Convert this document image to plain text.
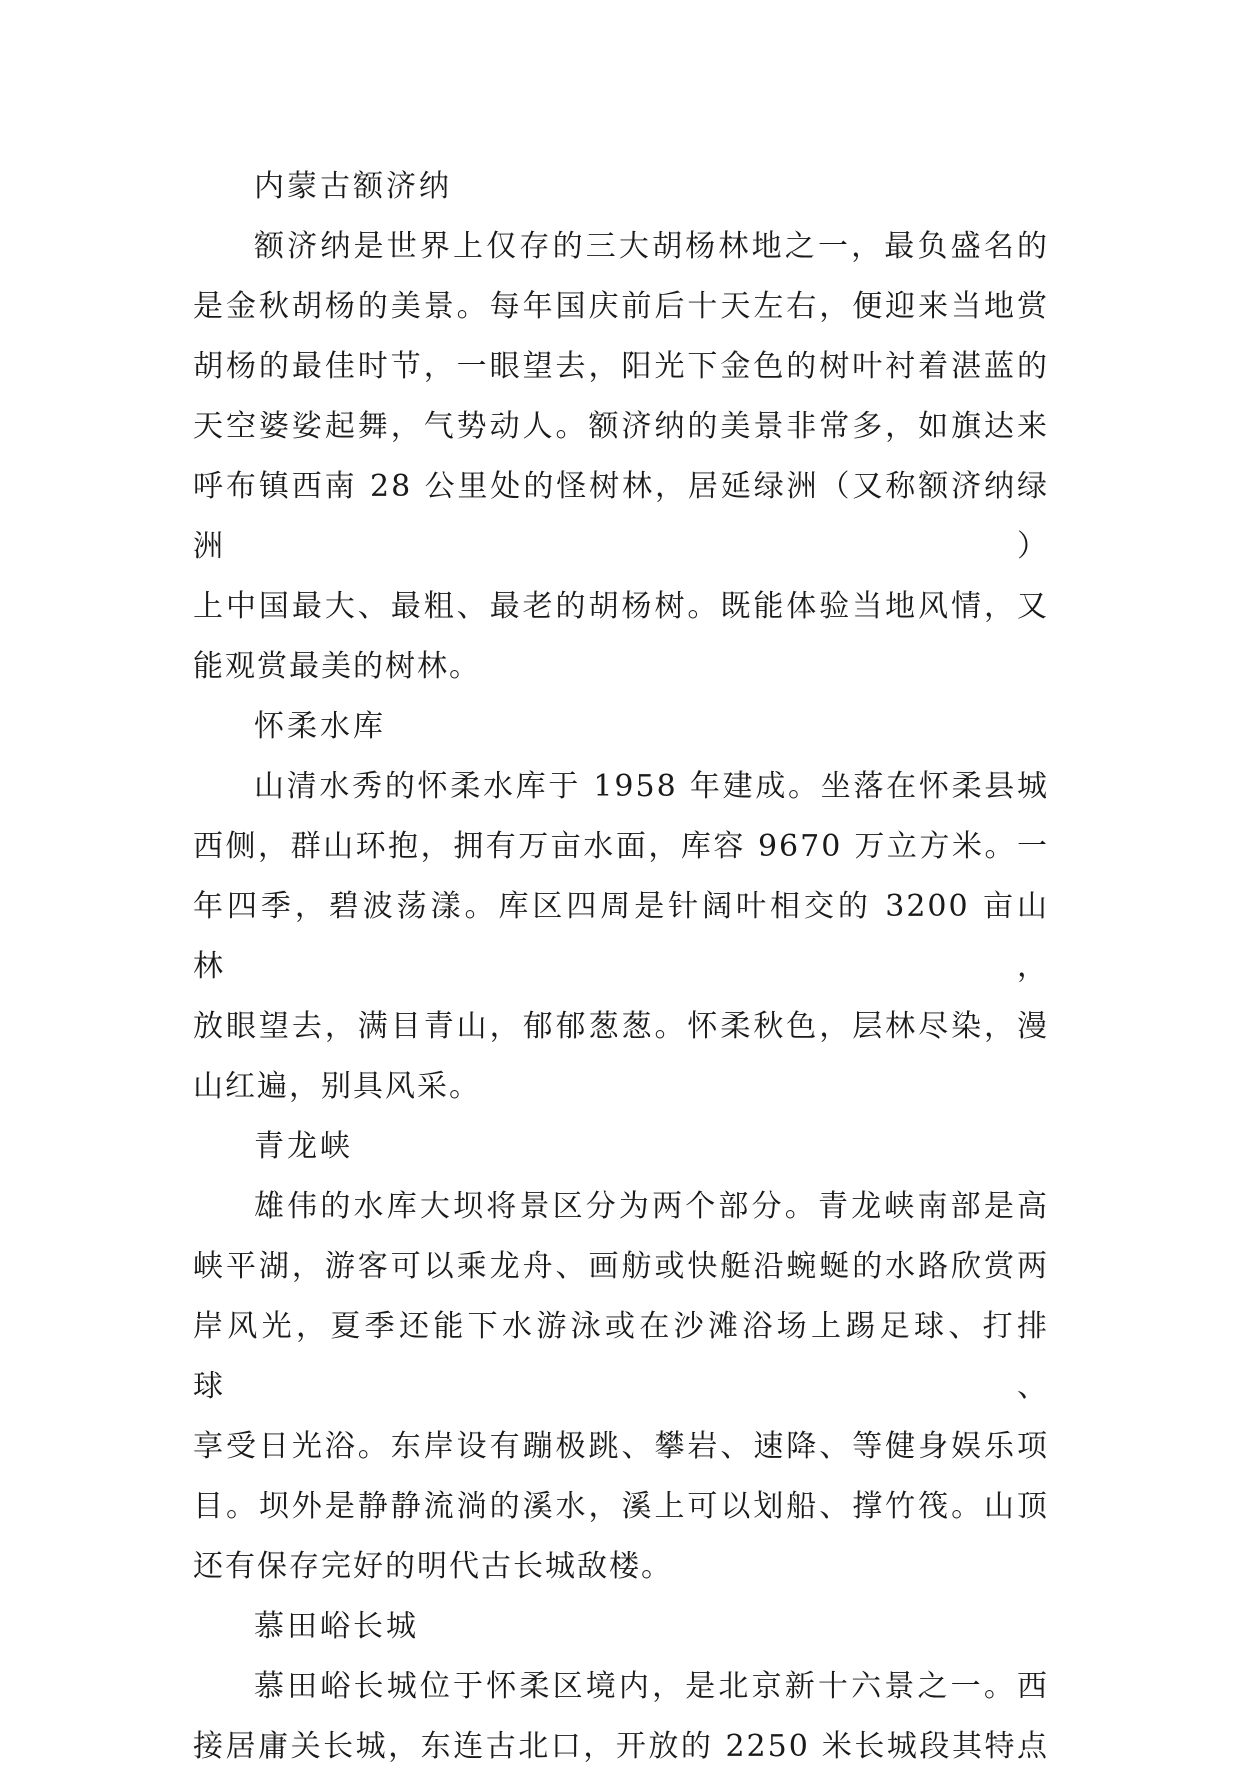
内蒙古额济纳

额济纳是世界上仅存的三大胡杨林地之一，最负盛名的
是金秋胡杨的美景。每年国庆前后十天左右，便迎来当地赏
胡杨的最佳时节，一眼望去，阳光下金色的树叶衬着湛蓝的
天空婆娑起舞，气势动人。额济纳的美景非常多，如旗达来
呼布镇西南 28 公里处的怪树林，居延绿洲（又称额济纳绿洲）
上中国最大、最粗、最老的胡杨树。既能体验当地风情，又
能观赏最美的树林。

怀柔水库

山清水秀的怀柔水库于 1958 年建成。坐落在怀柔县城
西侧，群山环抱，拥有万亩水面，库容 9670 万立方米。一
年四季，碧波荡漾。库区四周是针阔叶相交的 3200 亩山林，
放眼望去，满目青山，郁郁葱葱。怀柔秋色，层林尽染，漫
山红遍，别具风采。

青龙峡

雄伟的水库大坝将景区分为两个部分。青龙峡南部是高
峡平湖，游客可以乘龙舟、画舫或快艇沿蜿蜒的水路欣赏两
岸风光，夏季还能下水游泳或在沙滩浴场上踢足球、打排球、
享受日光浴。东岸设有蹦极跳、攀岩、速降、等健身娱乐项
目。坝外是静静流淌的溪水，溪上可以划船、撑竹筏。山顶
还有保存完好的明代古长城敌楼。

慕田峪长城

慕田峪长城位于怀柔区境内，是北京新十六景之一。西
接居庸关长城，东连古北口，开放的 2250 米长城段其特点
